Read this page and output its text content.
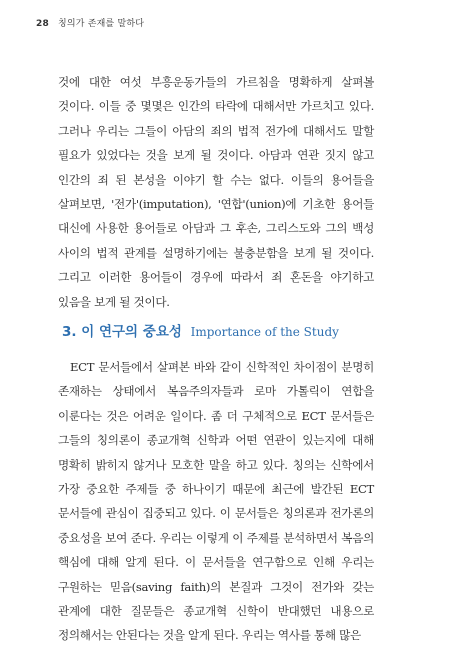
28 칭의가 존재를 말하다

것에 대한 여섯 부흥운동가들의 가르침을 명확하게 살펴볼 것이다. 이들 중 몇몇은 인간의 타락에 대해서만 가르치고 있다. 그러나 우리는 그들이 아담의 죄의 법적 전가에 대해서도 말할 필요가 있었다는 것을 보게 될 것이다. 아담과 연관 짓지 않고 인간의 죄 된 본성을 이야기 할 수는 없다. 이들의 용어들을 살펴보면, '전가'(imputation), '연합'(union)에 기초한 용어들 대신에 사용한 용어들로 아담과 그 후손, 그리스도와 그의 백성 사이의 법적 관계를 설명하기에는 불충분함을 보게 될 것이다. 그리고 이러한 용어들이 경우에 따라서 죄 혼돈을 야기하고 있음을 보게 될 것이다.

3. 이 연구의 중요성 Importance of the Study

ECT 문서들에서 살펴본 바와 같이 신학적인 차이점이 분명히 존재하는 상태에서 복음주의자들과 로마 가톨릭이 연합을 이룬다는 것은 어려운 일이다. 좀 더 구체적으로 ECT 문서들은 그들의 칭의론이 종교개혁 신학과 어떤 연관이 있는지에 대해 명확히 밝히지 않거나 모호한 말을 하고 있다. 칭의는 신학에서 가장 중요한 주제들 중 하나이기 때문에 최근에 발간된 ECT 문서들에 관심이 집중되고 있다. 이 문서들은 칭의론과 전가론의 중요성을 보여 준다. 우리는 이렇게 이 주제를 분석하면서 복음의 핵심에 대해 알게 된다. 이 문서들을 연구함으로 인해 우리는 구원하는 믿음(saving faith)의 본질과 그것이 전가와 갖는 관계에 대한 질문들은 종교개혁 신학이 반대했던 내용으로 정의해서는 안된다는 것을 알게 된다. 우리는 역사를 통해 많은
